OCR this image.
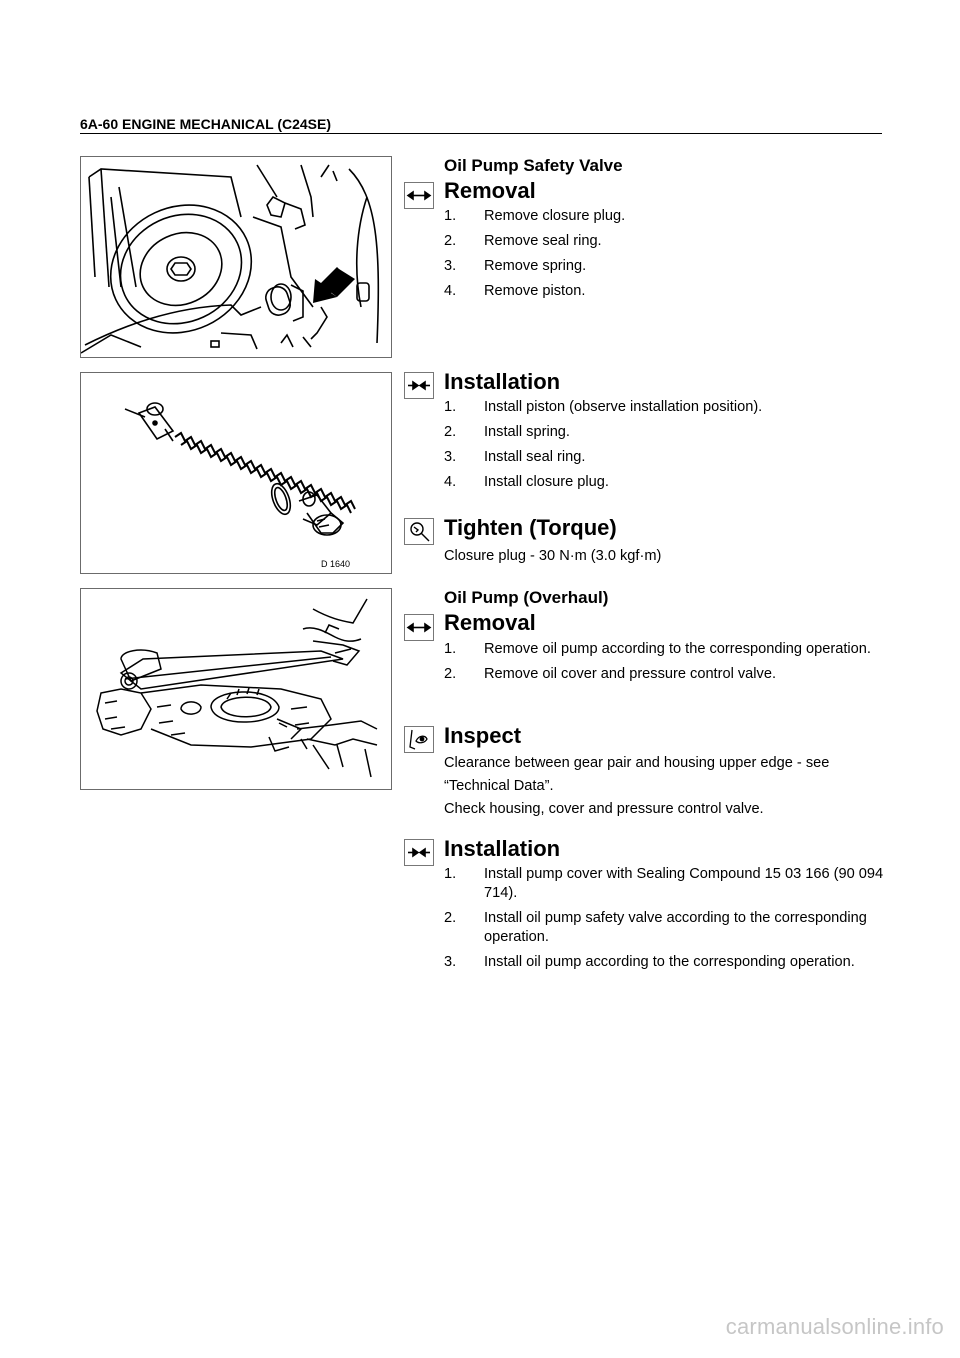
6A-60 ENGINE MECHANICAL (C24SE)
Oil Pump Safety Valve
Removal
1. Remove closure plug.
2. Remove seal ring.
3. Remove spring.
4. Remove piston.
D 1640
Installation
1. Install piston (observe installation position).
2. Install spring.
3. Install seal ring.
4. Install closure plug.
Tighten (Torque)
Closure plug - 30 N·m (3.0 kgf·m)
Oil Pump (Overhaul)
Removal
1. Remove oil pump according to the corresponding operation.
2. Remove oil cover and pressure control valve.
Inspect
Clearance between gear pair and housing upper edge - see “Technical Data”.
Check housing, cover and pressure control valve.
Installation
1. Install pump cover with Sealing Compound 15 03 166 (90 094 714).
2. Install oil pump safety valve according to the corresponding operation.
3. Install oil pump according to the corresponding operation.
carmanualsonline.info
